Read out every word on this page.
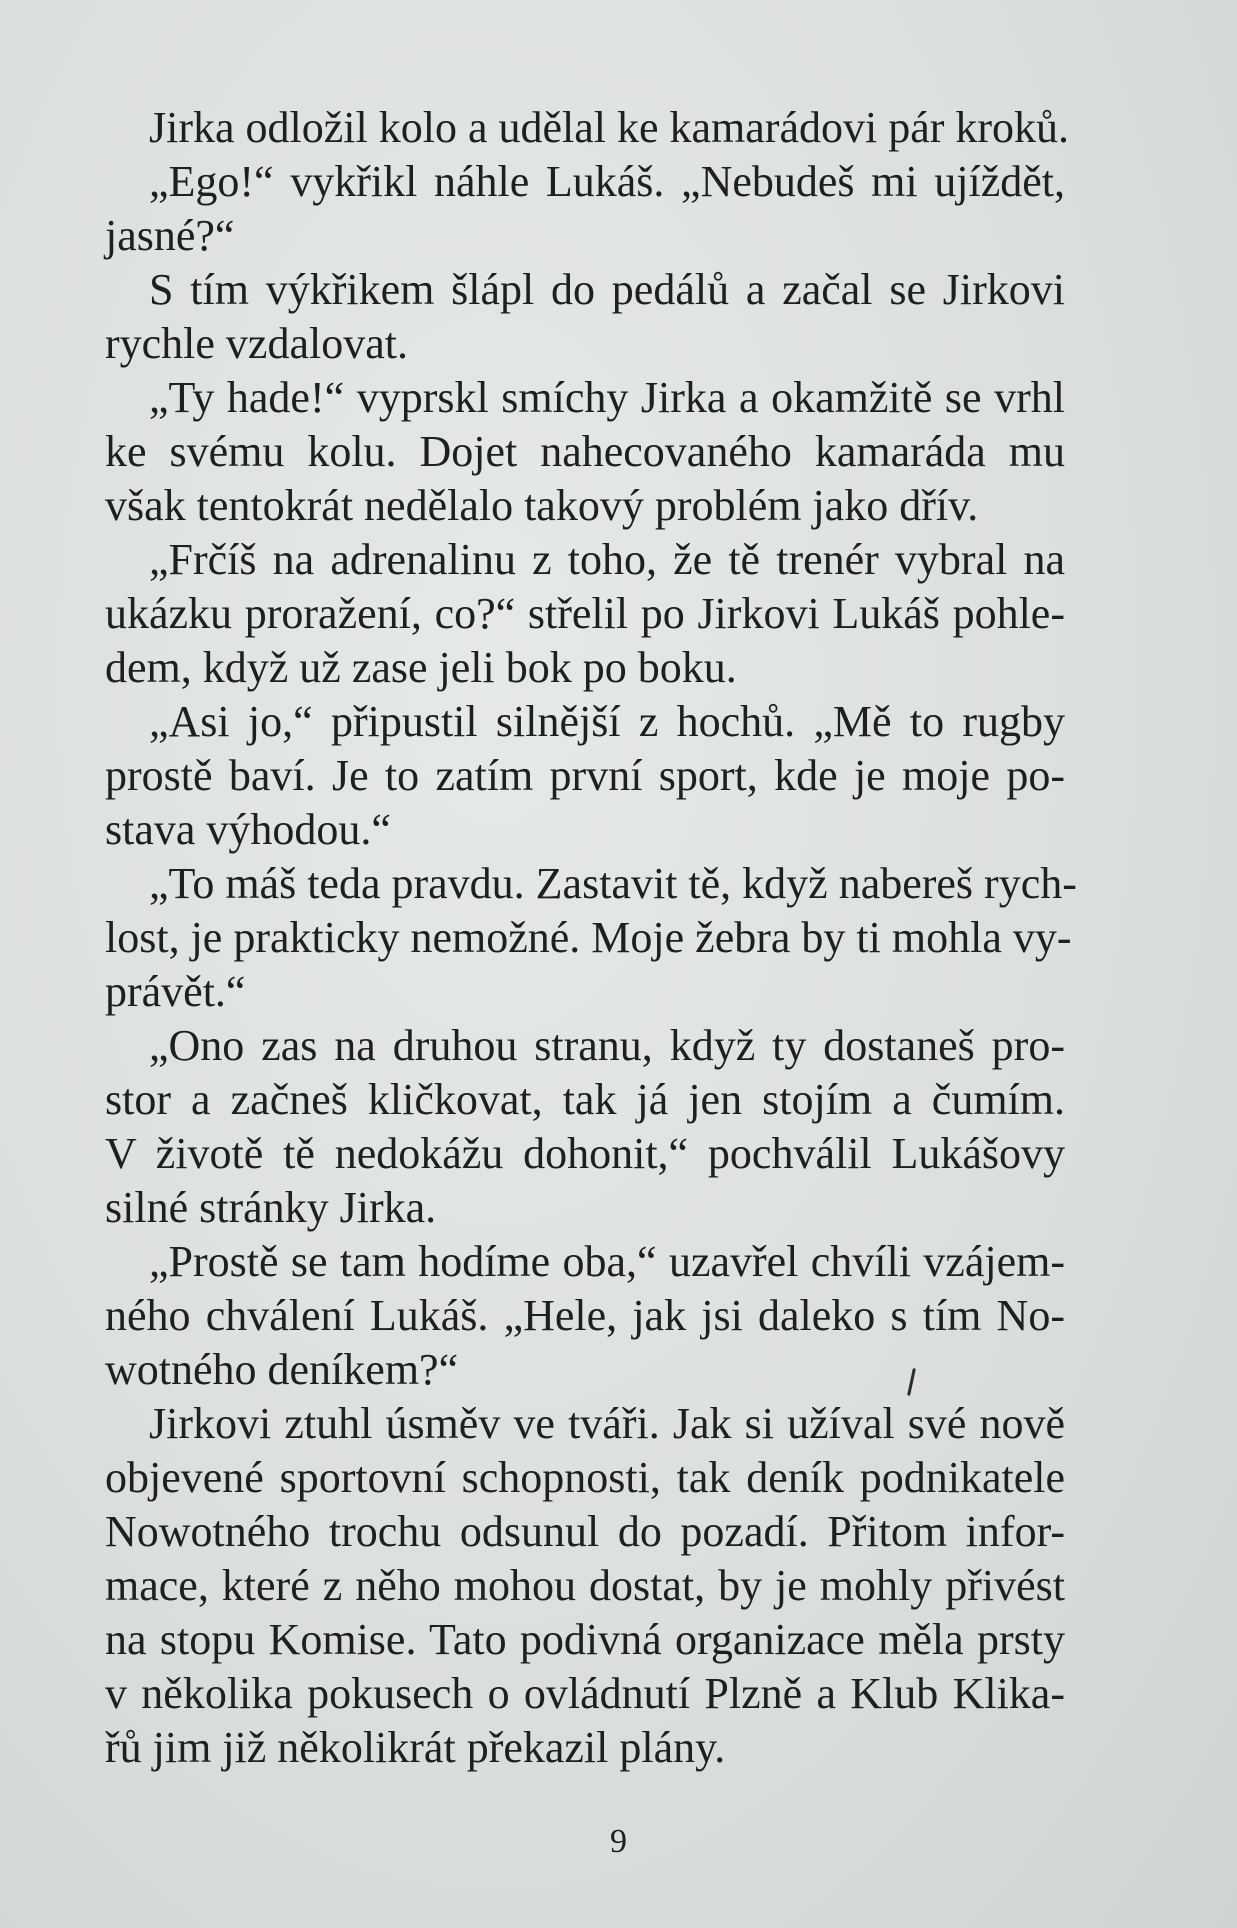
Jirka odložil kolo a udělal ke kamarádovi pár kroků.
„Ego!“ vykřikl náhle Lukáš. „Nebudeš mi ujíždět,
jasné?“
S tím výkřikem šlápl do pedálů a začal se Jirkovi
rychle vzdalovat.
„Ty hade!“ vyprskl smíchy Jirka a okamžitě se vrhl
ke svému kolu. Dojet nahecovaného kamaráda mu
však tentokrát nedělalo takový problém jako dřív.
„Frčíš na adrenalinu z toho, že tě trenér vybral na
ukázku proražení, co?“ střelil po Jirkovi Lukáš pohle-
dem, když už zase jeli bok po boku.
„Asi jo,“ připustil silnější z hochů. „Mě to rugby
prostě baví. Je to zatím první sport, kde je moje po-
stava výhodou.“
„To máš teda pravdu. Zastavit tě, když nabereš rych-
lost, je prakticky nemožné. Moje žebra by ti mohla vy-
právět.“
„Ono zas na druhou stranu, když ty dostaneš pro-
stor a začneš kličkovat, tak já jen stojím a čumím.
V životě tě nedokážu dohonit,“ pochválil Lukášovy
silné stránky Jirka.
„Prostě se tam hodíme oba,“ uzavřel chvíli vzájem-
ného chválení Lukáš. „Hele, jak jsi daleko s tím No-
wotného deníkem?“
Jirkovi ztuhl úsměv ve tváři. Jak si užíval své nově
objevené sportovní schopnosti, tak deník podnikatele
Nowotného trochu odsunul do pozadí. Přitom infor-
mace, které z něho mohou dostat, by je mohly přivést
na stopu Komise. Tato podivná organizace měla prsty
v několika pokusech o ovládnutí Plzně a Klub Klika-
řů jim již několikrát překazil plány.
9
